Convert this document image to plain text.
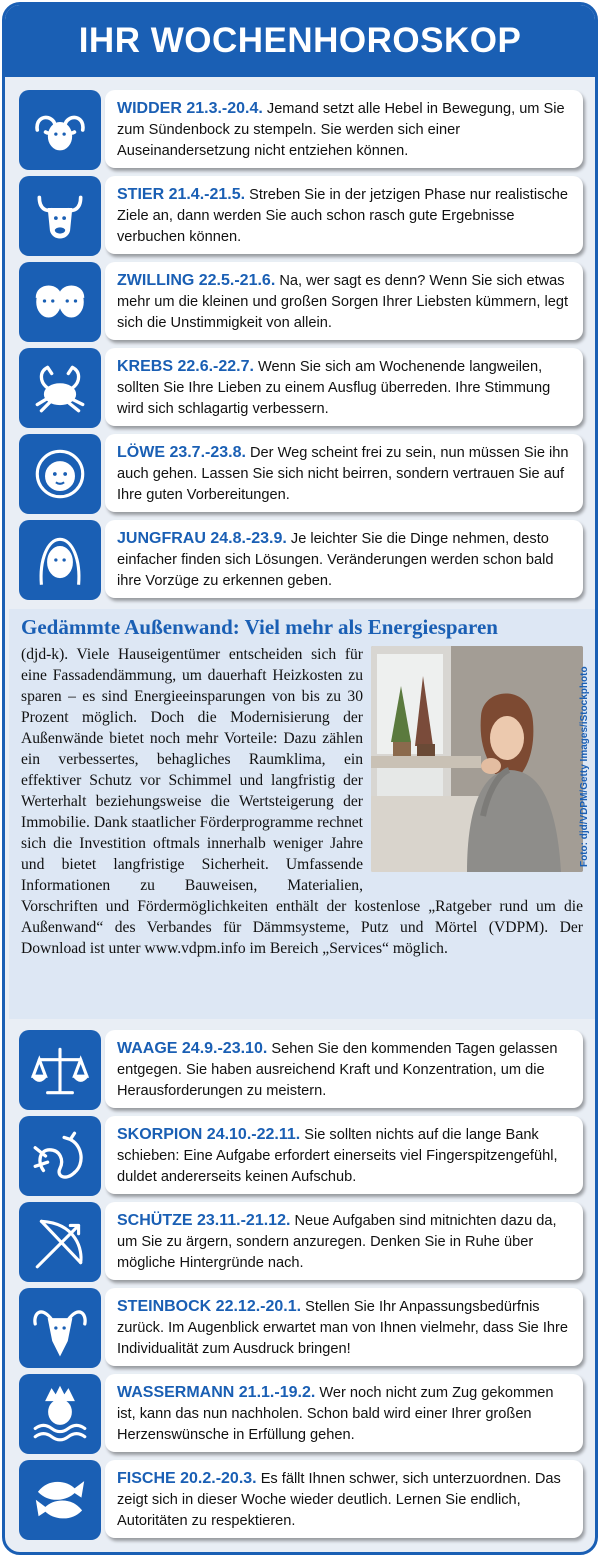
IHR WOCHENHOROSKOP
WIDDER 21.3.-20.4. Jemand setzt alle Hebel in Bewegung, um Sie zum Sündenbock zu stempeln. Sie werden sich einer Auseinandersetzung nicht entziehen können.
STIER 21.4.-21.5. Streben Sie in der jetzigen Phase nur realistische Ziele an, dann werden Sie auch schon rasch gute Ergebnisse verbuchen können.
ZWILLING 22.5.-21.6. Na, wer sagt es denn? Wenn Sie sich etwas mehr um die kleinen und großen Sorgen Ihrer Liebsten kümmern, legt sich die Unstimmigkeit von allein.
KREBS 22.6.-22.7. Wenn Sie sich am Wochenende langweilen, sollten Sie Ihre Lieben zu einem Ausflug überreden. Ihre Stimmung wird sich schlagartig verbessern.
LÖWE 23.7.-23.8. Der Weg scheint frei zu sein, nun müssen Sie ihn auch gehen. Lassen Sie sich nicht beirren, sondern vertrauen Sie auf Ihre guten Vorbereitungen.
JUNGFRAU 24.8.-23.9. Je leichter Sie die Dinge nehmen, desto einfacher finden sich Lösungen. Veränderungen werden schon bald ihre Vorzüge zu erkennen geben.
Gedämmte Außenwand: Viel mehr als Energiesparen
(djd-k). Viele Hauseigentümer entscheiden sich für eine Fassadendämmung, um dauerhaft Heizkosten zu sparen – es sind Energieeinsparungen von bis zu 30 Prozent möglich. Doch die Modernisierung der Außenwände bietet noch mehr Vorteile: Dazu zählen ein verbessertes, behagliches Raumklima, ein effektiver Schutz vor Schimmel und langfristig der Werterhalt beziehungsweise die Wertsteigerung der Immobilie. Dank staatlicher Förderprogramme rechnet sich die Investition oftmals innerhalb weniger Jahre und bietet langfristige Sicherheit. Umfassende Informationen zu Bauweisen, Materialien, Vorschriften und Fördermöglichkeiten enthält der kostenlose „Ratgeber rund um die Außenwand“ des Verbandes für Dämmsysteme, Putz und Mörtel (VDPM). Der Download ist unter www.vdpm.info im Bereich „Services“ möglich.
Foto: djd/VDPM/Getty Images/iStockphoto
WAAGE 24.9.-23.10. Sehen Sie den kommenden Tagen gelassen entgegen. Sie haben ausreichend Kraft und Konzentration, um die Herausforderungen zu meistern.
SKORPION 24.10.-22.11. Sie sollten nichts auf die lange Bank schieben: Eine Aufgabe erfordert einerseits viel Fingerspitzengefühl, duldet andererseits keinen Aufschub.
SCHÜTZE 23.11.-21.12. Neue Aufgaben sind mitnichten dazu da, um Sie zu ärgern, sondern anzuregen. Denken Sie in Ruhe über mögliche Hintergründe nach.
STEINBOCK 22.12.-20.1. Stellen Sie Ihr Anpassungsbedürfnis zurück. Im Augenblick erwartet man von Ihnen vielmehr, dass Sie Ihre Individualität zum Ausdruck bringen!
WASSERMANN 21.1.-19.2. Wer noch nicht zum Zug gekommen ist, kann das nun nachholen. Schon bald wird einer Ihrer großen Herzenswünsche in Erfüllung gehen.
FISCHE 20.2.-20.3. Es fällt Ihnen schwer, sich unterzuordnen. Das zeigt sich in dieser Woche wieder deutlich. Lernen Sie endlich, Autoritäten zu respektieren.
